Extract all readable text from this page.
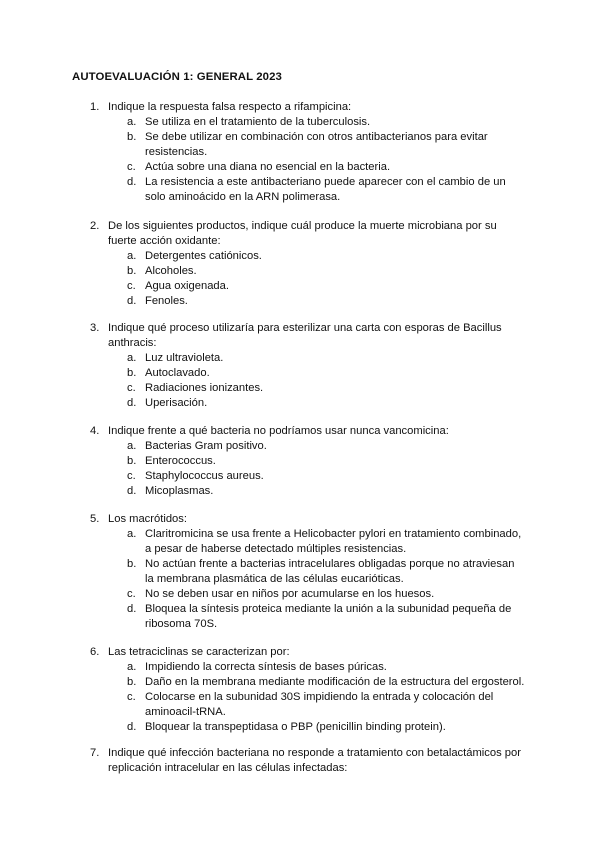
AUTOEVALUACIÓN 1: GENERAL 2023
1. Indique la respuesta falsa respecto a rifampicina:
a. Se utiliza en el tratamiento de la tuberculosis.
b. Se debe utilizar en combinación con otros antibacterianos para evitar resistencias.
c. Actúa sobre una diana no esencial en la bacteria.
d. La resistencia a este antibacteriano puede aparecer con el cambio de un solo aminoácido en la ARN polimerasa.
2. De los siguientes productos, indique cuál produce la muerte microbiana por su fuerte acción oxidante:
a. Detergentes catiónicos.
b. Alcoholes.
c. Agua oxigenada.
d. Fenoles.
3. Indique qué proceso utilizaría para esterilizar una carta con esporas de Bacillus anthracis:
a. Luz ultravioleta.
b. Autoclavado.
c. Radiaciones ionizantes.
d. Uperisación.
4. Indique frente a qué bacteria no podríamos usar nunca vancomicina:
a. Bacterias Gram positivo.
b. Enterococcus.
c. Staphylococcus aureus.
d. Micoplasmas.
5. Los macrótidos:
a. Claritromicina se usa frente a Helicobacter pylori en tratamiento combinado, a pesar de haberse detectado múltiples resistencias.
b. No actúan frente a bacterias intracelulares obligadas porque no atraviesan la membrana plasmática de las células eucarióticas.
c. No se deben usar en niños por acumularse en los huesos.
d. Bloquea la síntesis proteica mediante la unión a la subunidad pequeña de ribosoma 70S.
6. Las tetraciclinas se caracterizan por:
a. Impidiendo la correcta síntesis de bases púricas.
b. Daño en la membrana mediante modificación de la estructura del ergosterol.
c. Colocarse en la subunidad 30S impidiendo la entrada y colocación del aminoacil-tRNA.
d. Bloquear la transpeptidasa o PBP (penicillin binding protein).
7. Indique qué infección bacteriana no responde a tratamiento con betalactámicos por replicación intracelular en las células infectadas:
